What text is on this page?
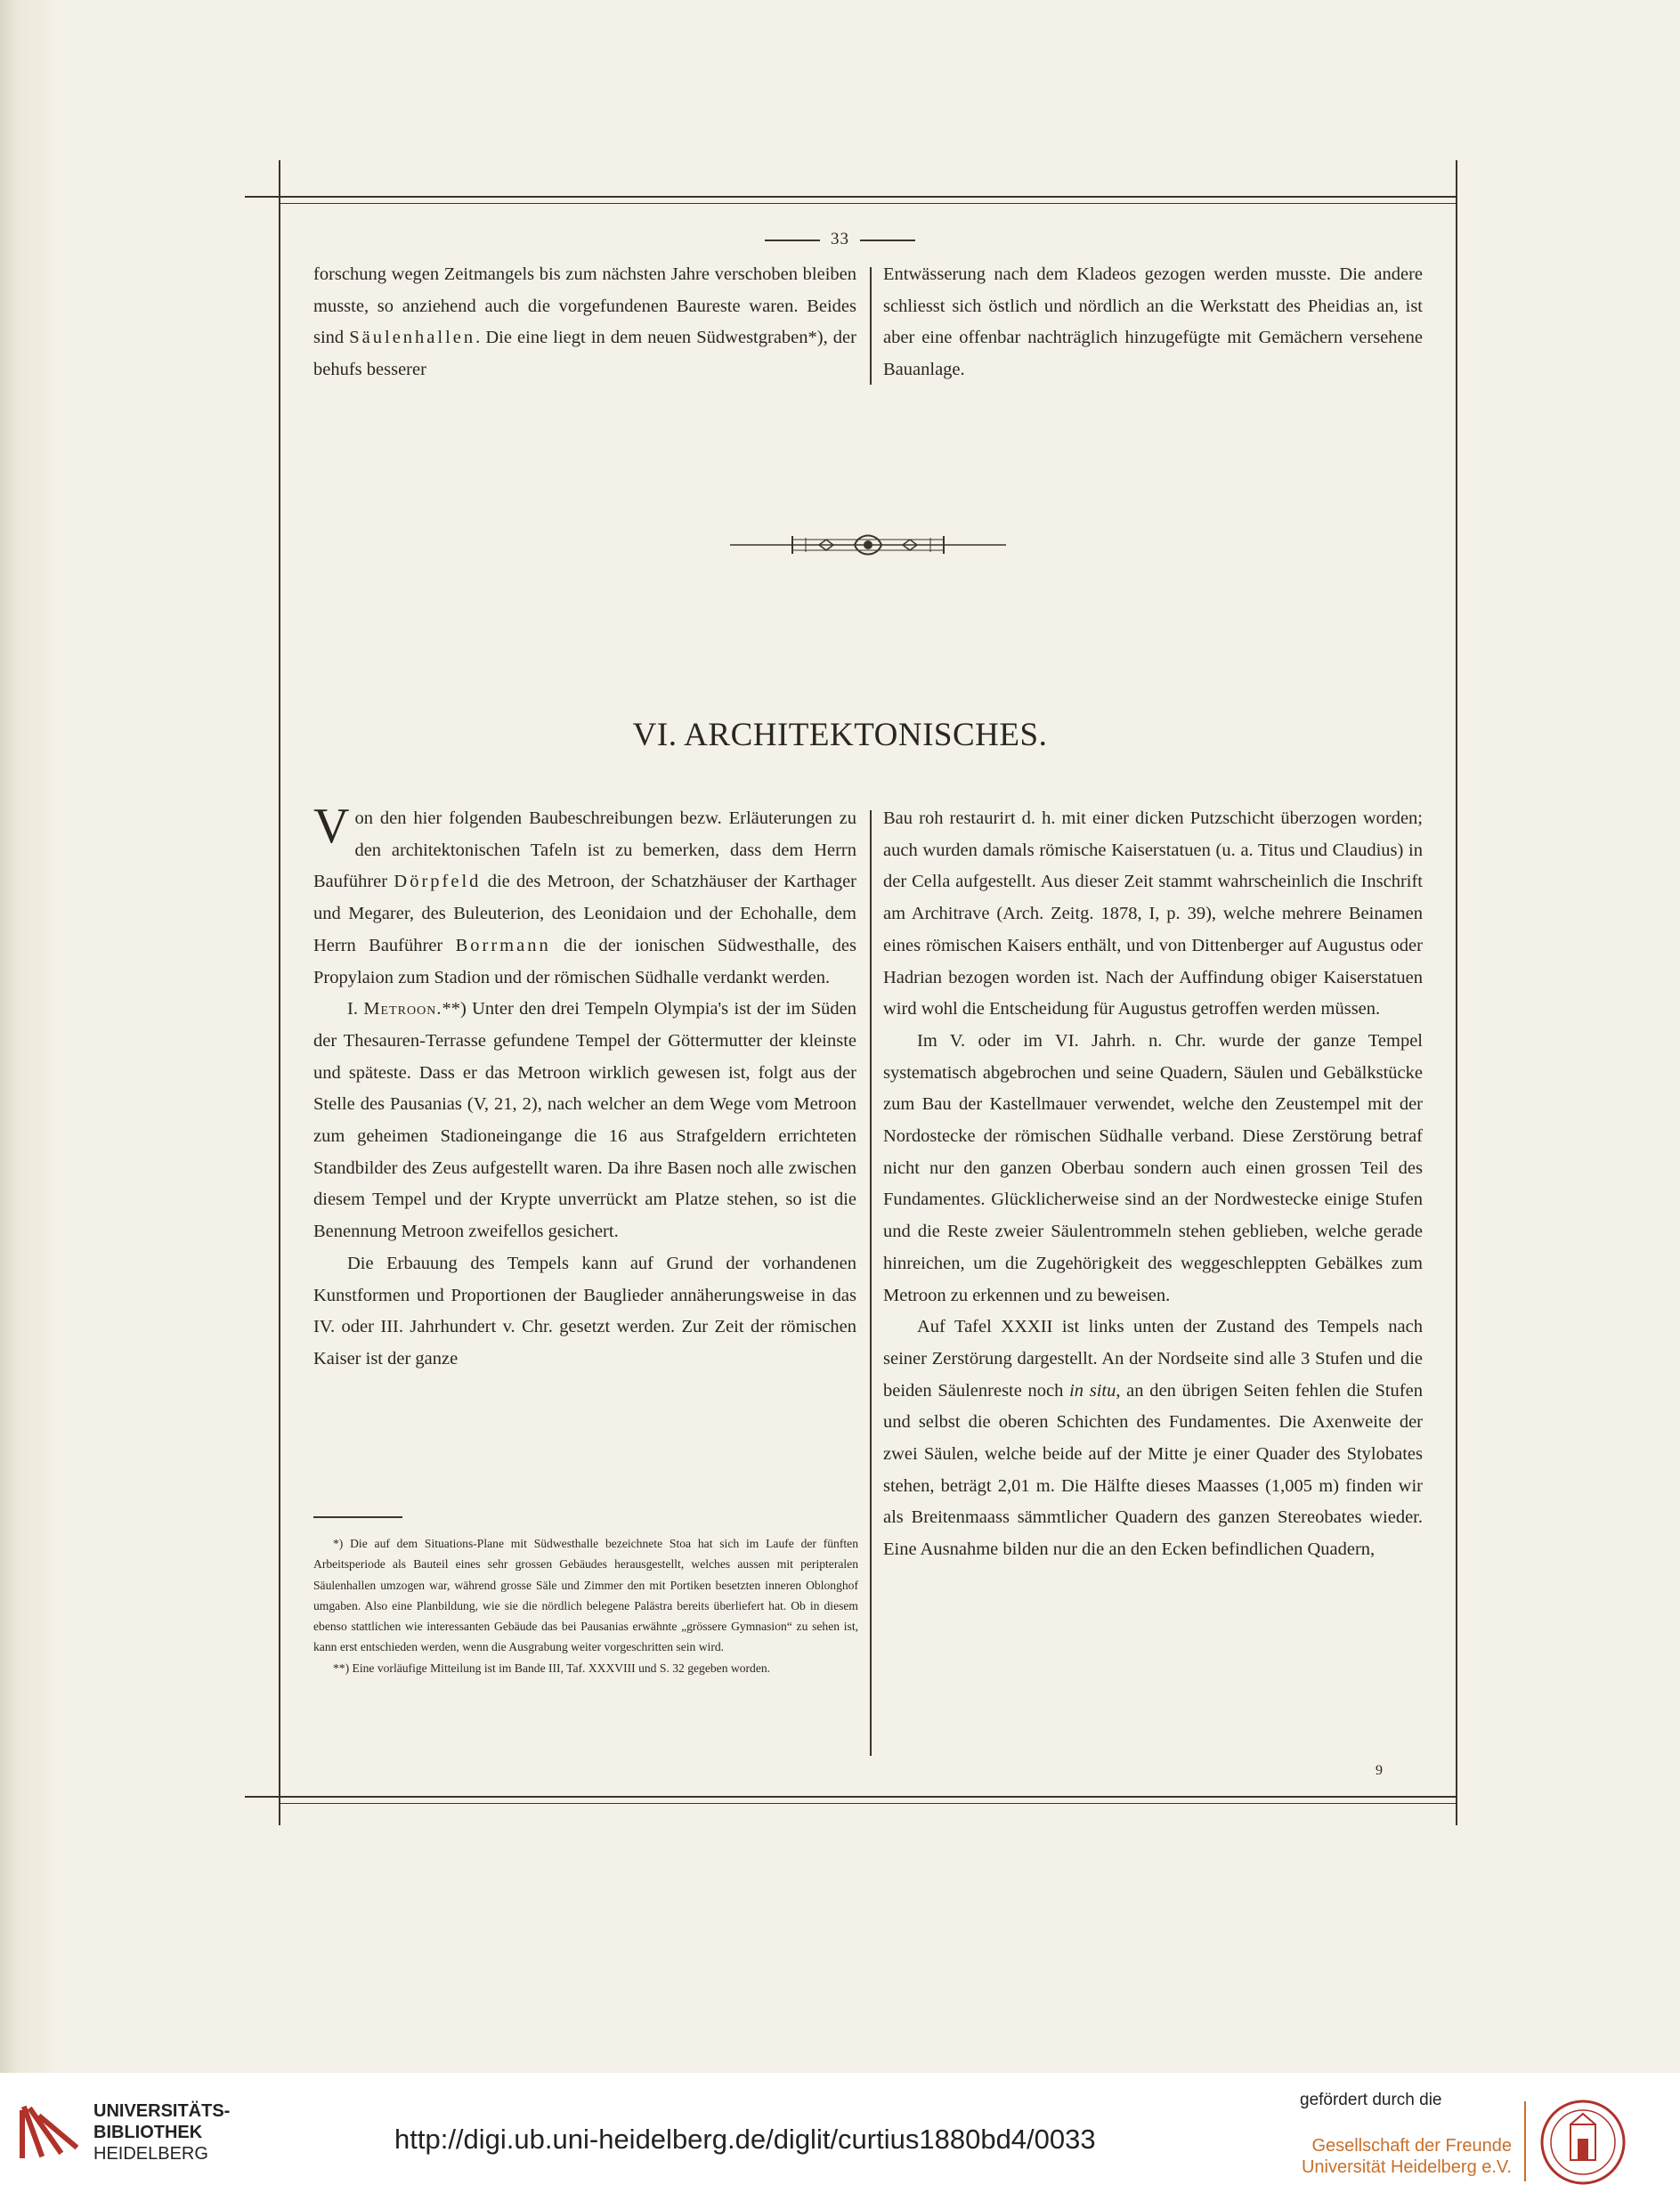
33

forschung wegen Zeitmangels bis zum nächsten Jahre verschoben bleiben musste, so anziehend auch die vorgefundenen Baureste waren. Beides sind Säulenhallen. Die eine liegt in dem neuen Südwestgraben*), der behufs besserer

Entwässerung nach dem Kladeos gezogen werden musste. Die andere schliesst sich östlich und nördlich an die Werkstatt des Pheidias an, ist aber eine offenbar nachträglich hinzugefügte mit Gemächern versehene Bauanlage.

VI. ARCHITEKTONISCHES.

Von den hier folgenden Baubeschreibungen bezw. Erläuterungen zu den architektonischen Tafeln ist zu bemerken, dass dem Herrn Bauführer Dörpfeld die des Metroon, der Schatzhäuser der Karthager und Megarer, des Buleuterion, des Leonidaion und der Echohalle, dem Herrn Bauführer Borrmann die der ionischen Südwesthalle, des Propylaion zum Stadion und der römischen Südhalle verdankt werden.

I. Metroon.**) Unter den drei Tempeln Olympia's ist der im Süden der Thesauren-Terrasse gefundene Tempel der Göttermutter der kleinste und späteste. Dass er das Metroon wirklich gewesen ist, folgt aus der Stelle des Pausanias (V, 21, 2), nach welcher an dem Wege vom Metroon zum geheimen Stadioneingange die 16 aus Strafgeldern errichteten Standbilder des Zeus aufgestellt waren. Da ihre Basen noch alle zwischen diesem Tempel und der Krypte unverrückt am Platze stehen, so ist die Benennung Metroon zweifellos gesichert.

Die Erbauung des Tempels kann auf Grund der vorhandenen Kunstformen und Proportionen der Bauglieder annäherungsweise in das IV. oder III. Jahrhundert v. Chr. gesetzt werden. Zur Zeit der römischen Kaiser ist der ganze

Bau roh restaurirt d. h. mit einer dicken Putzschicht überzogen worden; auch wurden damals römische Kaiserstatuen (u. a. Titus und Claudius) in der Cella aufgestellt. Aus dieser Zeit stammt wahrscheinlich die Inschrift am Architrave (Arch. Zeitg. 1878, I, p. 39), welche mehrere Beinamen eines römischen Kaisers enthält, und von Dittenberger auf Augustus oder Hadrian bezogen worden ist. Nach der Auffindung obiger Kaiserstatuen wird wohl die Entscheidung für Augustus getroffen werden müssen.

Im V. oder im VI. Jahrh. n. Chr. wurde der ganze Tempel systematisch abgebrochen und seine Quadern, Säulen und Gebälkstücke zum Bau der Kastellmauer verwendet, welche den Zeustempel mit der Nordostecke der römischen Südhalle verband. Diese Zerstörung betraf nicht nur den ganzen Oberbau sondern auch einen grossen Teil des Fundamentes. Glücklicherweise sind an der Nordwestecke einige Stufen und die Reste zweier Säulentrommeln stehen geblieben, welche gerade hinreichen, um die Zugehörigkeit des weggeschleppten Gebälkes zum Metroon zu erkennen und zu beweisen.

Auf Tafel XXXII ist links unten der Zustand des Tempels nach seiner Zerstörung dargestellt. An der Nordseite sind alle 3 Stufen und die beiden Säulenreste noch in situ, an den übrigen Seiten fehlen die Stufen und selbst die oberen Schichten des Fundamentes. Die Axenweite der zwei Säulen, welche beide auf der Mitte je einer Quader des Stylobates stehen, beträgt 2,01 m. Die Hälfte dieses Maasses (1,005 m) finden wir als Breitenmaass sämmtlicher Quadern des ganzen Stereobates wieder. Eine Ausnahme bilden nur die an den Ecken befindlichen Quadern,

*) Die auf dem Situations-Plane mit Südwesthalle bezeichnete Stoa hat sich im Laufe der fünften Arbeitsperiode als Bauteil eines sehr grossen Gebäudes herausgestellt, welches aussen mit peripteralen Säulenhallen umzogen war, während grosse Säle und Zimmer den mit Portiken besetzten inneren Oblonghof umgaben. Also eine Planbildung, wie sie die nördlich belegene Palästra bereits überliefert hat. Ob in diesem ebenso stattlichen wie interessanten Gebäude das bei Pausanias erwähnte „grössere Gymnasion“ zu sehen ist, kann erst entschieden werden, wenn die Ausgrabung weiter vorgeschritten sein wird.

**) Eine vorläufige Mitteilung ist im Bande III, Taf. XXXVIII und S. 32 gegeben worden.

9
UNIVERSITÄTS-
BIBLIOTHEK
HEIDELBERG	http://digi.ub.uni-heidelberg.de/diglit/curtius1880bd4/0033
gefördert durch die
Gesellschaft der Freunde
Universität Heidelberg e.V.
